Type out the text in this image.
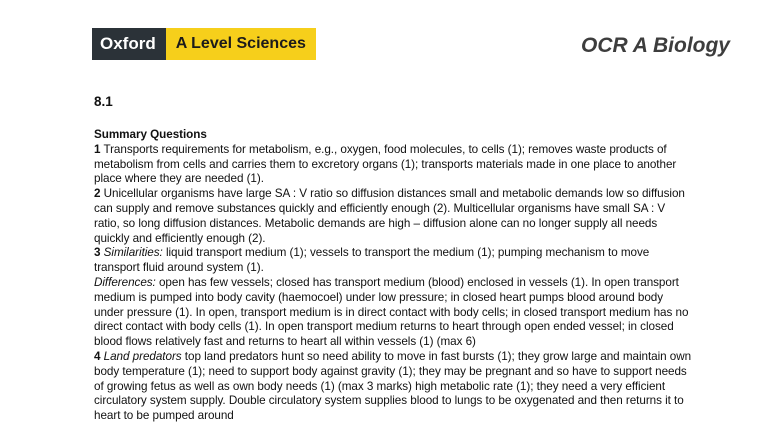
Oxford	A Level Sciences	OCR A Biology
8.1

Summary Questions

1 Transports requirements for metabolism, e.g., oxygen, food molecules, to cells (1); removes waste products of metabolism from cells and carries them to excretory organs (1); transports materials made in one place to another place where they are needed (1).

2 Unicellular organisms have large SA : V ratio so diffusion distances small and metabolic demands low so diffusion can supply and remove substances quickly and efficiently enough (2). Multicellular organisms have small SA : V ratio, so long diffusion distances. Metabolic demands are high – diffusion alone can no longer supply all needs quickly and efficiently enough (2).

3 Similarities: liquid transport medium (1); vessels to transport the medium (1); pumping mechanism to move transport fluid around system (1).

Differences: open has few vessels; closed has transport medium (blood) enclosed in vessels (1). In open transport medium is pumped into body cavity (haemocoel) under low pressure; in closed heart pumps blood around body under pressure (1). In open, transport medium is in direct contact with body cells; in closed transport medium has no direct contact with body cells (1). In open transport medium returns to heart through open ended vessel; in closed blood flows relatively fast and returns to heart all within vessels (1) (max 6)

4 Land predators top land predators hunt so need ability to move in fast bursts (1); they grow large and maintain own body temperature (1); need to support body against gravity (1); they may be pregnant and so have to support needs of growing fetus as well as own body needs (1) (max 3 marks) high metabolic rate (1); they need a very efficient circulatory system supply. Double circulatory system supplies blood to lungs to be oxygenated and then returns it to heart to be pumped around
